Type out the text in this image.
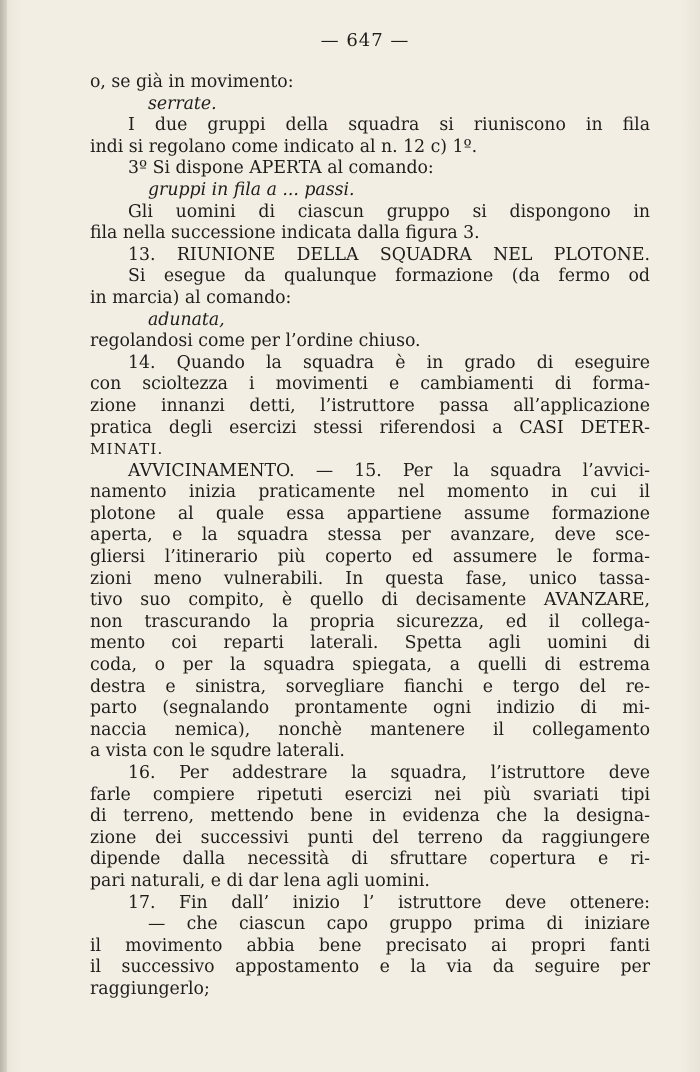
— 647 —
o, se già in movimento:
serrate.
I due gruppi della squadra si riuniscono in fila
indi si regolano come indicato al n. 12 c) 1º.
3º Si dispone APERTA al comando:
gruppi in fila a ... passi.
Gli uomini di ciascun gruppo si dispongono in
fila nella successione indicata dalla figura 3.
13. RIUNIONE DELLA SQUADRA NEL PLOTONE.
Si esegue da qualunque formazione (da fermo od
in marcia) al comando:
adunata,
regolandosi come per l’ordine chiuso.
14. Quando la squadra è in grado di eseguire
con scioltezza i movimenti e cambiamenti di forma-
zione innanzi detti, l’istruttore passa all’applicazione
pratica degli esercizi stessi riferendosi a CASI DETER-
MINATI.
AVVICINAMENTO. — 15. Per la squadra l’avvici-
namento inizia praticamente nel momento in cui il
plotone al quale essa appartiene assume formazione
aperta, e la squadra stessa per avanzare, deve sce-
gliersi l’itinerario più coperto ed assumere le forma-
zioni meno vulnerabili. In questa fase, unico tassa-
tivo suo compito, è quello di decisamente AVANZARE,
non trascurando la propria sicurezza, ed il collega-
mento coi reparti laterali. Spetta agli uomini di
coda, o per la squadra spiegata, a quelli di estrema
destra e sinistra, sorvegliare fianchi e tergo del re-
parto (segnalando prontamente ogni indizio di mi-
naccia nemica), nonchè mantenere il collegamento
a vista con le squdre laterali.
16. Per addestrare la squadra, l’istruttore deve
farle compiere ripetuti esercizi nei più svariati tipi
di terreno, mettendo bene in evidenza che la designa-
zione dei successivi punti del terreno da raggiungere
dipende dalla necessità di sfruttare copertura e ri-
pari naturali, e di dar lena agli uomini.
17. Fin dall’ inizio l’ istruttore deve ottenere:
— che ciascun capo gruppo prima di iniziare
il movimento abbia bene precisato ai propri fanti
il successivo appostamento e la via da seguire per
raggiungerlo;
